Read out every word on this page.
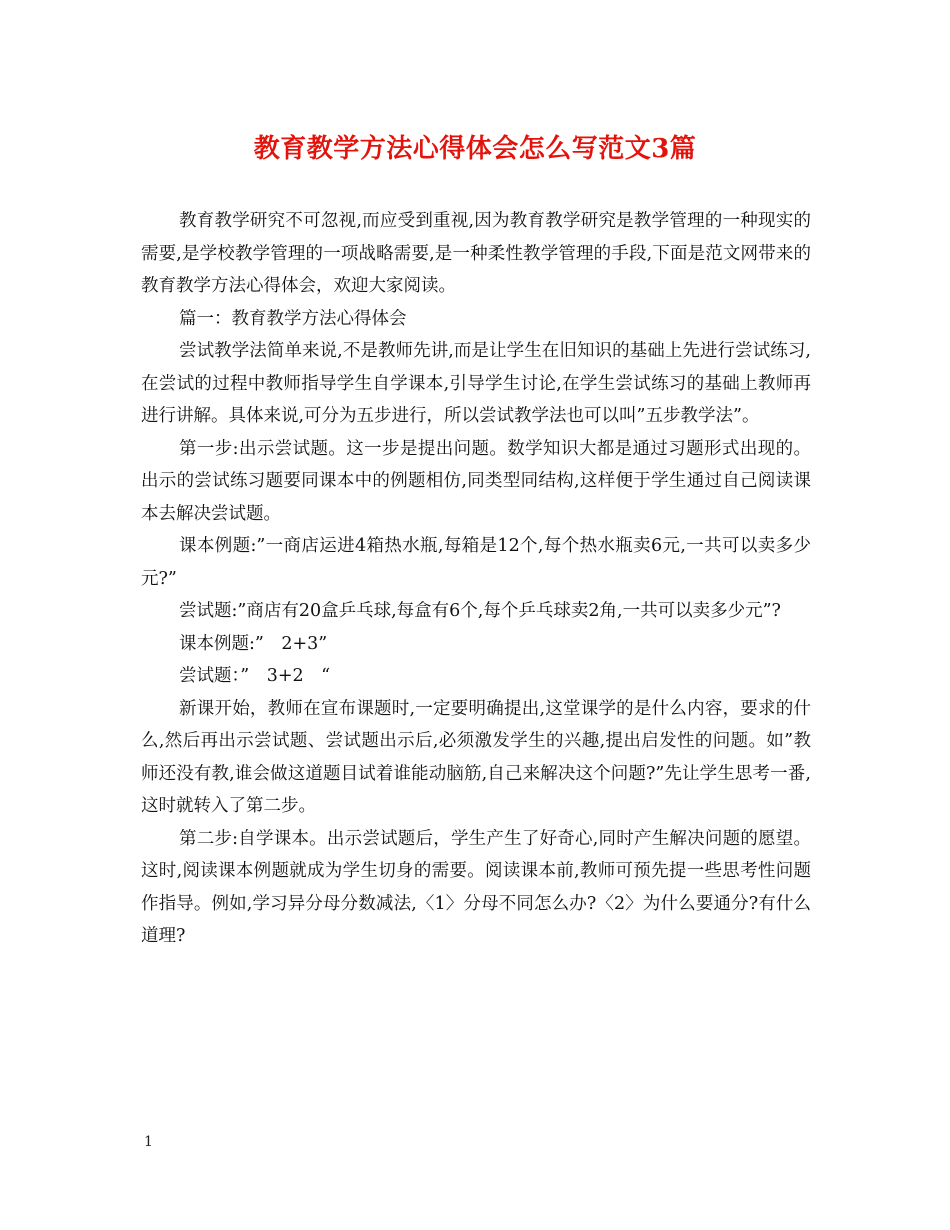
教育教学方法心得体会怎么写范文3篇

教育教学研究不可忽视,而应受到重视,因为教育教学研究是教学管理的一种现实的需要,是学校教学管理的一项战略需要,是一种柔性教学管理的手段,下面是范文网带来的教育教学方法心得体会，欢迎大家阅读。

篇一：教育教学方法心得体会

尝试教学法简单来说,不是教师先讲,而是让学生在旧知识的基础上先进行尝试练习,在尝试的过程中教师指导学生自学课本,引导学生讨论,在学生尝试练习的基础上教师再进行讲解。具体来说,可分为五步进行，所以尝试教学法也可以叫”五步教学法”。

第一步:出示尝试题。这一步是提出问题。数学知识大都是通过习题形式出现的。出示的尝试练习题要同课本中的例题相仿,同类型同结构,这样便于学生通过自己阅读课本去解决尝试题。

课本例题:”一商店运进4箱热水瓶,每箱是12个,每个热水瓶卖6元,一共可以卖多少元?”

尝试题:”商店有20盒乒乓球,每盒有6个,每个乒乓球卖2角,一共可以卖多少元”?

课本例题:”　2+3”

尝试题：”　3+2　“

新课开始，教师在宣布课题时,一定要明确提出,这堂课学的是什么内容，要求的什么,然后再出示尝试题、尝试题出示后,必须激发学生的兴趣,提出启发性的问题。如”教师还没有教,谁会做这道题目试着谁能动脑筋,自己来解决这个问题?”先让学生思考一番,这时就转入了第二步。

第二步:自学课本。出示尝试题后，学生产生了好奇心,同时产生解决问题的愿望。这时,阅读课本例题就成为学生切身的需要。阅读课本前,教师可预先提一些思考性问题作指导。例如,学习异分母分数减法,〈1〉分母不同怎么办?〈2〉为什么要通分?有什么道理?

1
